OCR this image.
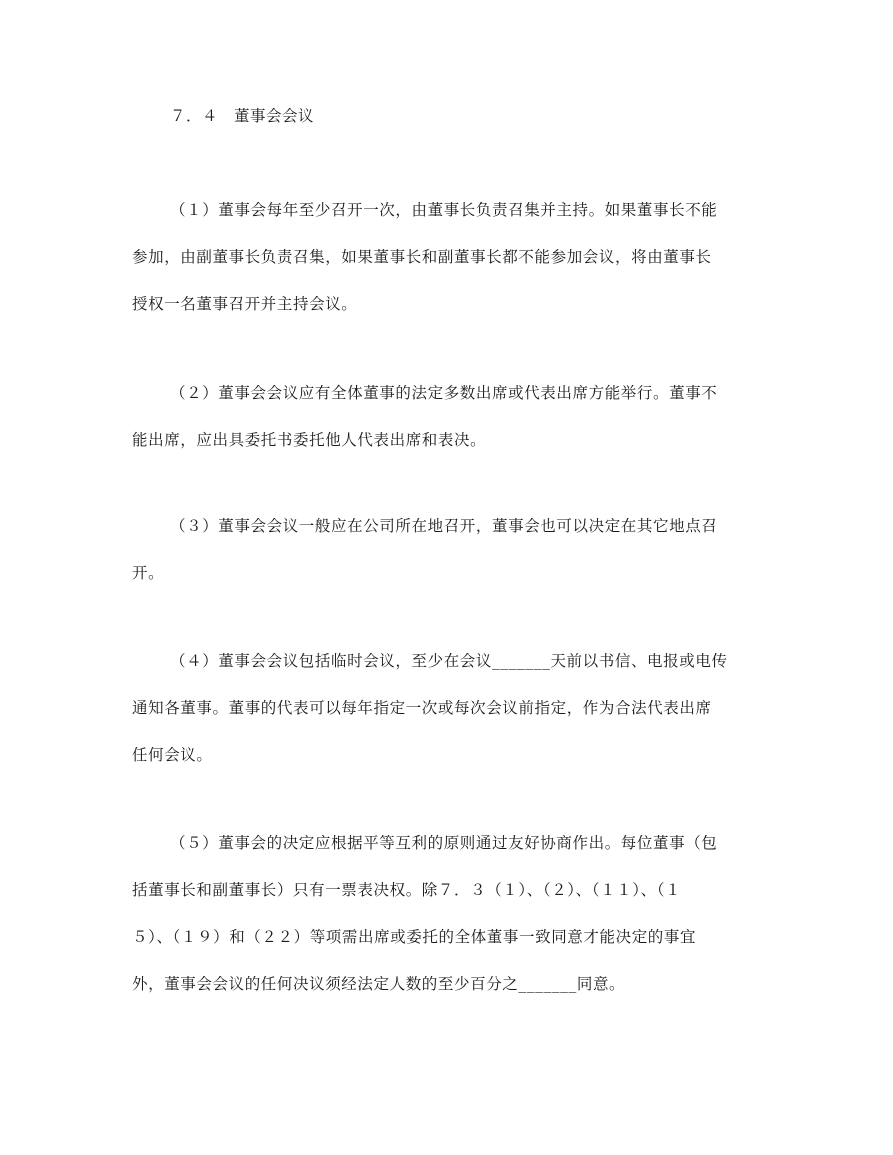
７．４　董事会会议
（１）董事会每年至少召开一次，由董事长负责召集并主持。如果董事长不能
参加，由副董事长负责召集，如果董事长和副董事长都不能参加会议，将由董事长
授权一名董事召开并主持会议。
（２）董事会会议应有全体董事的法定多数出席或代表出席方能举行。董事不
能出席，应出具委托书委托他人代表出席和表决。
（３）董事会会议一般应在公司所在地召开，董事会也可以决定在其它地点召
开。
（４）董事会会议包括临时会议，至少在会议_______天前以书信、电报或电传
通知各董事。董事的代表可以每年指定一次或每次会议前指定，作为合法代表出席
任何会议。
（５）董事会的决定应根据平等互利的原则通过友好协商作出。每位董事（包
括董事长和副董事长）只有一票表决权。除７．３（１）、（２）、（１１）、（１
５）、（１９）和（２２）等项需出席或委托的全体董事一致同意才能决定的事宜
外，董事会会议的任何决议须经法定人数的至少百分之_______同意。
